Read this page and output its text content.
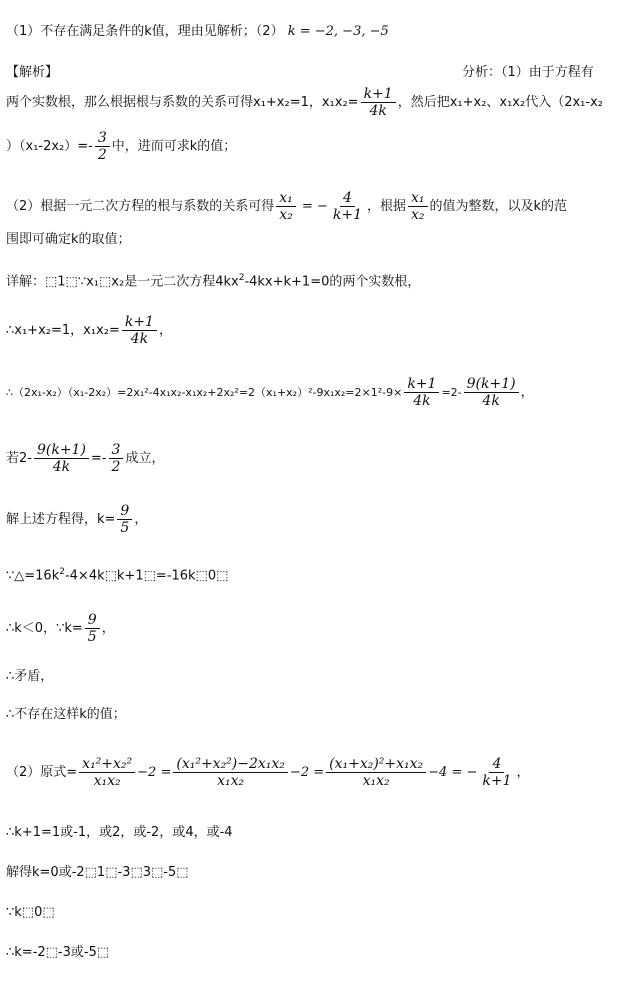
（1）不存在满足条件的k值，理由见解析；（2） k = −2, −3, −5
【解析】	分析：（1）由于方程有
两个实数根，那么根据根与系数的关系可得x₁+x₂=1，$x_1x_2= \frac{k+1}{4k}$ ，然后把x₁+x₂、x₁x₂代入（2x₁-x₂
）$(x_1-2x_2)=- \frac{3}{2}$ 中，进而可求k的值；
（2）根据一元二次方程的根与系数的关系可得 $\frac{\text{x₁}}{\text{x₂}}$ = − $\frac{4}{k+1}$ ，根据 $\frac{\text{x₁}}{\text{x₂}}$ 的值为整数，以及k的范
围即可确定k的取值；
详解：⬚1⬚∵x₁⬚x₂是一元二次方程$4kx^2-4kx+k+1=0$的两个实数根，
∴x₁+x₂=1，$x_1x_2= \frac{k+1}{4k}$ ，
∴（2x₁-x₂）（x₁-2x₂）=2x₁²-4x₁x₂-x₁x₂+2x₂²=2（x₁+x₂）²-9x₁x₂=2×1²-9× $\frac{k+1}{4k} =2- \frac{9(k+1)}{4k}$ ，
若$2- \frac{9(k+1)}{4k} =- \frac{3}{2}$ 成立，
解上述方程得，$k= \frac{9}{5}$ ，
$\because\triangle=16k^2-4\times 4k⬚k+1⬚=-16k⬚0⬚$
∴k＜0，∵k= $\frac{9}{5}$ ，
∴矛盾，
∴不存在这样k的值；
（2）原式= $\frac{\text{x₁²+x₂²}}{\text{x₁x₂}} -2 = \frac{\text{(x₁²+x₂²)−2x₁x₂}}{\text{x₁x₂}} -2 = \frac{\text{(x₁+x₂)²+x₁x₂}}{\text{x₁x₂}} -4$ = − $\frac{4}{k+1}$ ，
∴k+1=1或-1，或2，或-2，或4，或-4
解得k=0或-2⬚1⬚-3⬚3⬚-5⬚
∵k⬚0⬚
∴k=-2⬚-3或-5⬚
